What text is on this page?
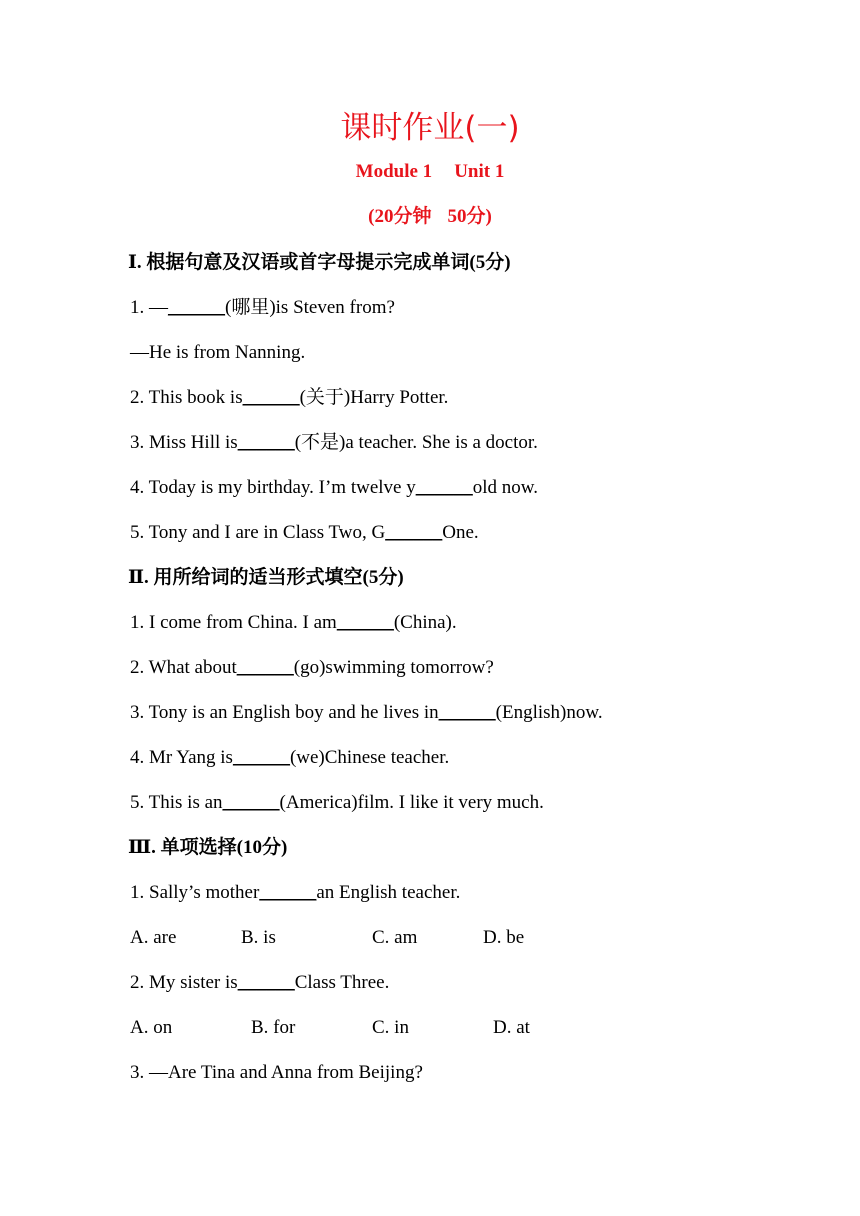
课时作业(一)
Module 1 Unit 1
(20分钟 50分)
Ⅰ. 根据句意及汉语或首字母提示完成单词(5分)
1. —______(哪里)is Steven from?
—He is from Nanning.
2. This book is______(关于)Harry Potter.
3. Miss Hill is______(不是)a teacher. She is a doctor.
4. Today is my birthday. I’m twelve y______old now.
5. Tony and I are in Class Two, G______One.
Ⅱ. 用所给词的适当形式填空(5分)
1. I come from China. I am______(China).
2. What about______(go)swimming tomorrow?
3. Tony is an English boy and he lives in______(English)now.
4. Mr Yang is______(we)Chinese teacher.
5. This is an______(America)film. I like it very much.
Ⅲ. 单项选择(10分)
1. Sally’s mother______an English teacher.
A. are	B. is	C. am	D. be
2. My sister is______Class Three.
A. on	B. for	C. in	D. at
3. —Are Tina and Anna from Beijing?
